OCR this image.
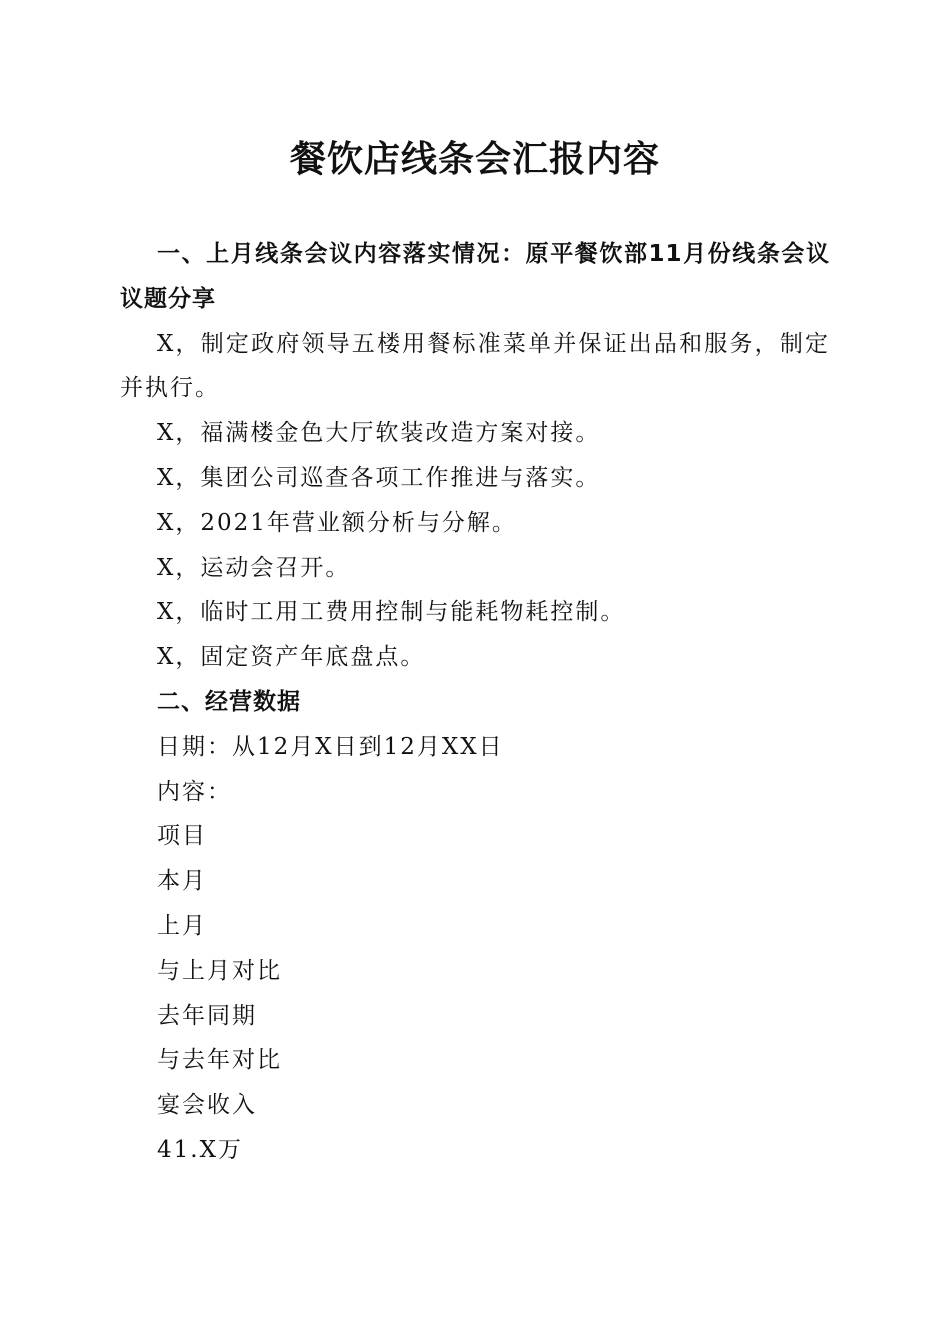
餐饮店线条会汇报内容

一、上月线条会议内容落实情况：原平餐饮部11月份线条会议议题分享

X，制定政府领导五楼用餐标准菜单并保证出品和服务，制定并执行。

X，福满楼金色大厅软装改造方案对接。

X，集团公司巡查各项工作推进与落实。

X，2021年营业额分析与分解。

X，运动会召开。

X，临时工用工费用控制与能耗物耗控制。

X，固定资产年底盘点。

二、经营数据

日期：从12月X日到12月XX日

内容：

项目

本月

上月

与上月对比

去年同期

与去年对比

宴会收入

41.X万
